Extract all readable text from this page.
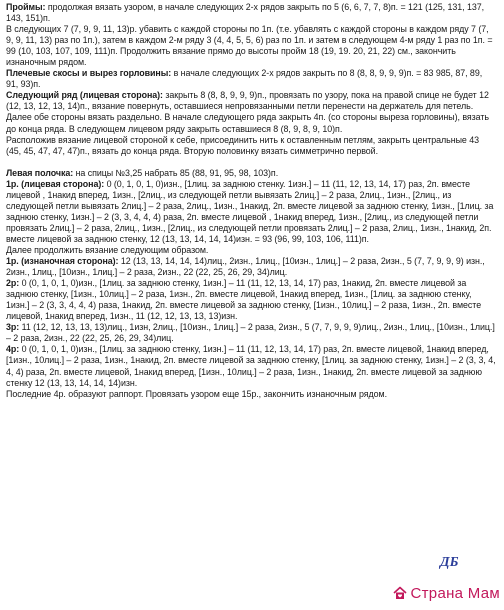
Проймы: продолжая вязать узором, в начале следующих 2-х рядов закрыть по 5 (6, 6, 7, 7, 8)п. = 121 (125, 131, 137, 143, 151)п.

В следующих 7 (7, 9, 9, 11, 13)р. убавить с каждой стороны по 1п. (т.е. убавлять с каждой стороны в каждом ряду 7 (7, 9, 9, 11, 13) раз по 1п.), затем в каждом 2-м ряду 3 (4, 4, 5, 5, 6) раз по 1п. и затем в следующем 4-м ряду 1 раз по 1п. = 99 (10, 103, 107, 109, 111)п. Продолжить вязание прямо до высоты пройм 18 (19, 19. 20, 21, 22) см., закончить изнаночным рядом.

Плечевые скосы и вырез горловины: в начале следующих 2-х рядов закрыть по 8 (8, 8, 9, 9, 9)п. = 83 985, 87, 89, 91, 93)п.

Следующий ряд (лицевая сторона): закрыть 8 (8, 8, 9, 9, 9)п., провязать по узору, пока на правой спице не будет 12 (12, 13, 12, 13, 14)п., вязание повернуть, оставшиеся непровязанными петли перенести на держатель для петель. Далее обе стороны вязать раздельно. В начале следующего ряда закрыть 4п. (со стороны выреза горловины), вязать до конца ряда. В следующем лицевом ряду закрыть оставшиеся 8 (8, 9, 8, 9, 10)п.

Расположив вязание лицевой стороной к себе, присоединить нить к оставленным петлям, закрыть центральные 43 (45, 45, 47, 47, 47)п., вязать до конца ряда. Вторую половинку вязать симметрично первой.

Левая полочка: на спицы №3,25 набрать 85 (88, 91, 95, 98, 103)п.

1р. (лицевая сторона): 0 (0, 1, 0, 1, 0)изн., [1лиц. за заднюю стенку. 1изн.] – 11 (11, 12, 13, 14, 17) раз, 2п. вместе лицевой , 1накид вперед, 1изн., [2лиц., из следующей петли вывязать 2лиц.] – 2 раза, 2лиц., 1изн., [2лиц., из следующей петли вывязать 2лиц.] – 2 раза, 2лиц., 1изн., 1накид, 2п. вместе лицевой за заднюю стенку, 1изн., [1лиц. за заднюю стенку, 1изн.] – 2 (3, 3, 4, 4, 4) раза, 2п. вместе лицевой , 1накид вперед, 1изн., [2лиц., из следующей петли провязать 2лиц.] – 2 раза, 2лиц., 1изн., [2лиц., из следующей петли провязать 2лиц.] – 2 раза, 2лиц., 1изн., 1накид, 2п. вместе лицевой за заднюю стенку, 12 (13, 13, 14, 14, 14)изн. = 93 (96, 99, 103, 106, 111)п.

Далее продолжить вязание следующим образом.

1р. (изнаночная сторона): 12 (13, 13, 14, 14, 14)лиц., 2изн., 1лиц., [10изн., 1лиц.] – 2 раза, 2изн., 5 (7, 7, 9, 9, 9) изн., 2изн., 1лиц., [10изн., 1лиц.] – 2 раза, 2изн., 22 (22, 25, 26, 29, 34)лиц.

2р: 0 (0, 1, 0, 1, 0)изн., [1лиц. за заднюю стенку, 1изн.] – 11 (11, 12, 13, 14, 17) раз, 1накид, 2п. вместе лицевой за заднюю стенку, [1изн., 10лиц.] – 2 раза, 1изн., 2п. вместе лицевой, 1накид вперед, 1изн., [1лиц. за заднюю стенку, 1изн.] – 2 (3, 3, 4, 4, 4) раза, 1накид, 2п. вместе лицевой за заднюю стенку, [1изн., 10лиц.] – 2 раза, 1изн., 2п. вместе лицевой, 1накид вперед, 1изн., 11 (12, 12, 13, 13, 13)изн.

3р: 11 (12, 12, 13, 13, 13)лиц., 1изн, 2лиц., [10изн., 1лиц.] – 2 раза, 2изн., 5 (7, 7, 9, 9, 9)лиц., 2изн., 1лиц., [10изн., 1лиц.] – 2 раза, 2изн., 22 (22, 25, 26, 29, 34)лиц.

4р: 0 (0, 1, 0, 1, 0)изн., [1лиц. за заднюю стенку, 1изн.] – 11 (11, 12, 13, 14, 17) раз, 2п. вместе лицевой, 1накид вперед, [1изн., 10лиц.] – 2 раза, 1изн., 1накид, 2п. вместе лицевой за заднюю стенку, [1лиц. за заднюю стенку, 1изн.] – 2 (3, 3, 4, 4, 4) раза, 2п. вместе лицевой, 1накид вперед, [1изн., 10лиц.] – 2 раза, 1изн., 1накид, 2п. вместе лицевой за заднюю стенку 12 (13, 13, 14, 14, 14)изн.

Последние 4р. образуют раппорт. Провязать узором еще 15р., закончить изнаночным рядом.

ДБ
Страна Мам
